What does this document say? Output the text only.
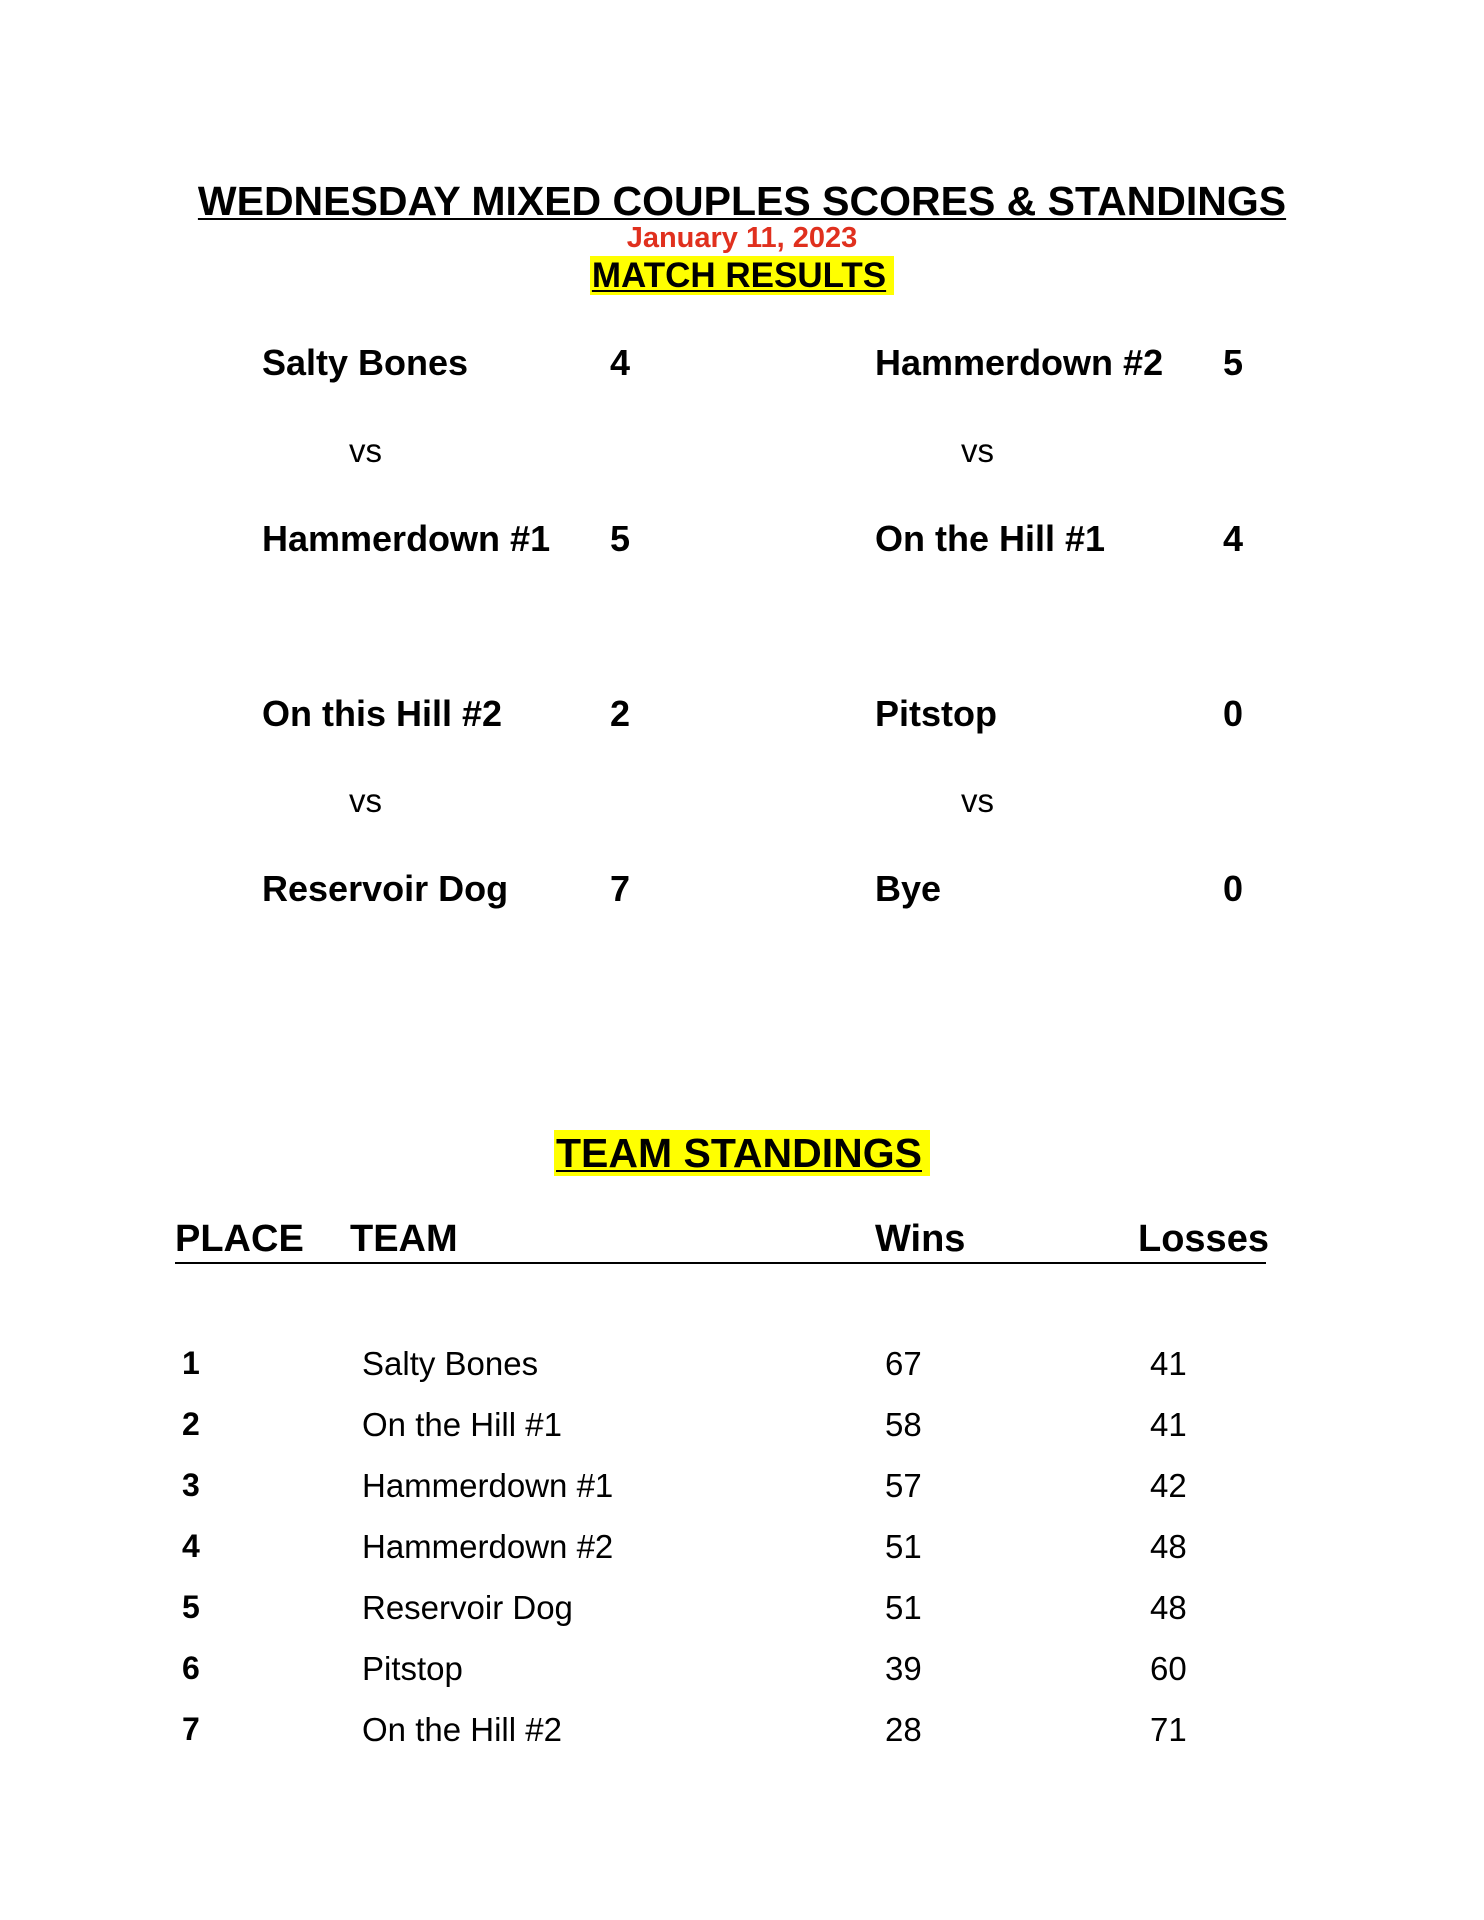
WEDNESDAY MIXED COUPLES SCORES & STANDINGS
January 11, 2023
MATCH RESULTS
Salty Bones	4
vs
Hammerdown #1 5
Hammerdown #2 5
vs
On the Hill #1	4
On this Hill #2	2
vs
Reservoir Dog	7
Pitstop	0
vs
Bye	0
TEAM STANDINGS
PLACE TEAM	Wins	Losses
1	Salty Bones	67	41
2	On the Hill #1	58	41
3	Hammerdown #1	57	42
4	Hammerdown #2	51	48
5	Reservoir Dog	51	48
6	Pitstop	39	60
7	On the Hill #2	28	71
